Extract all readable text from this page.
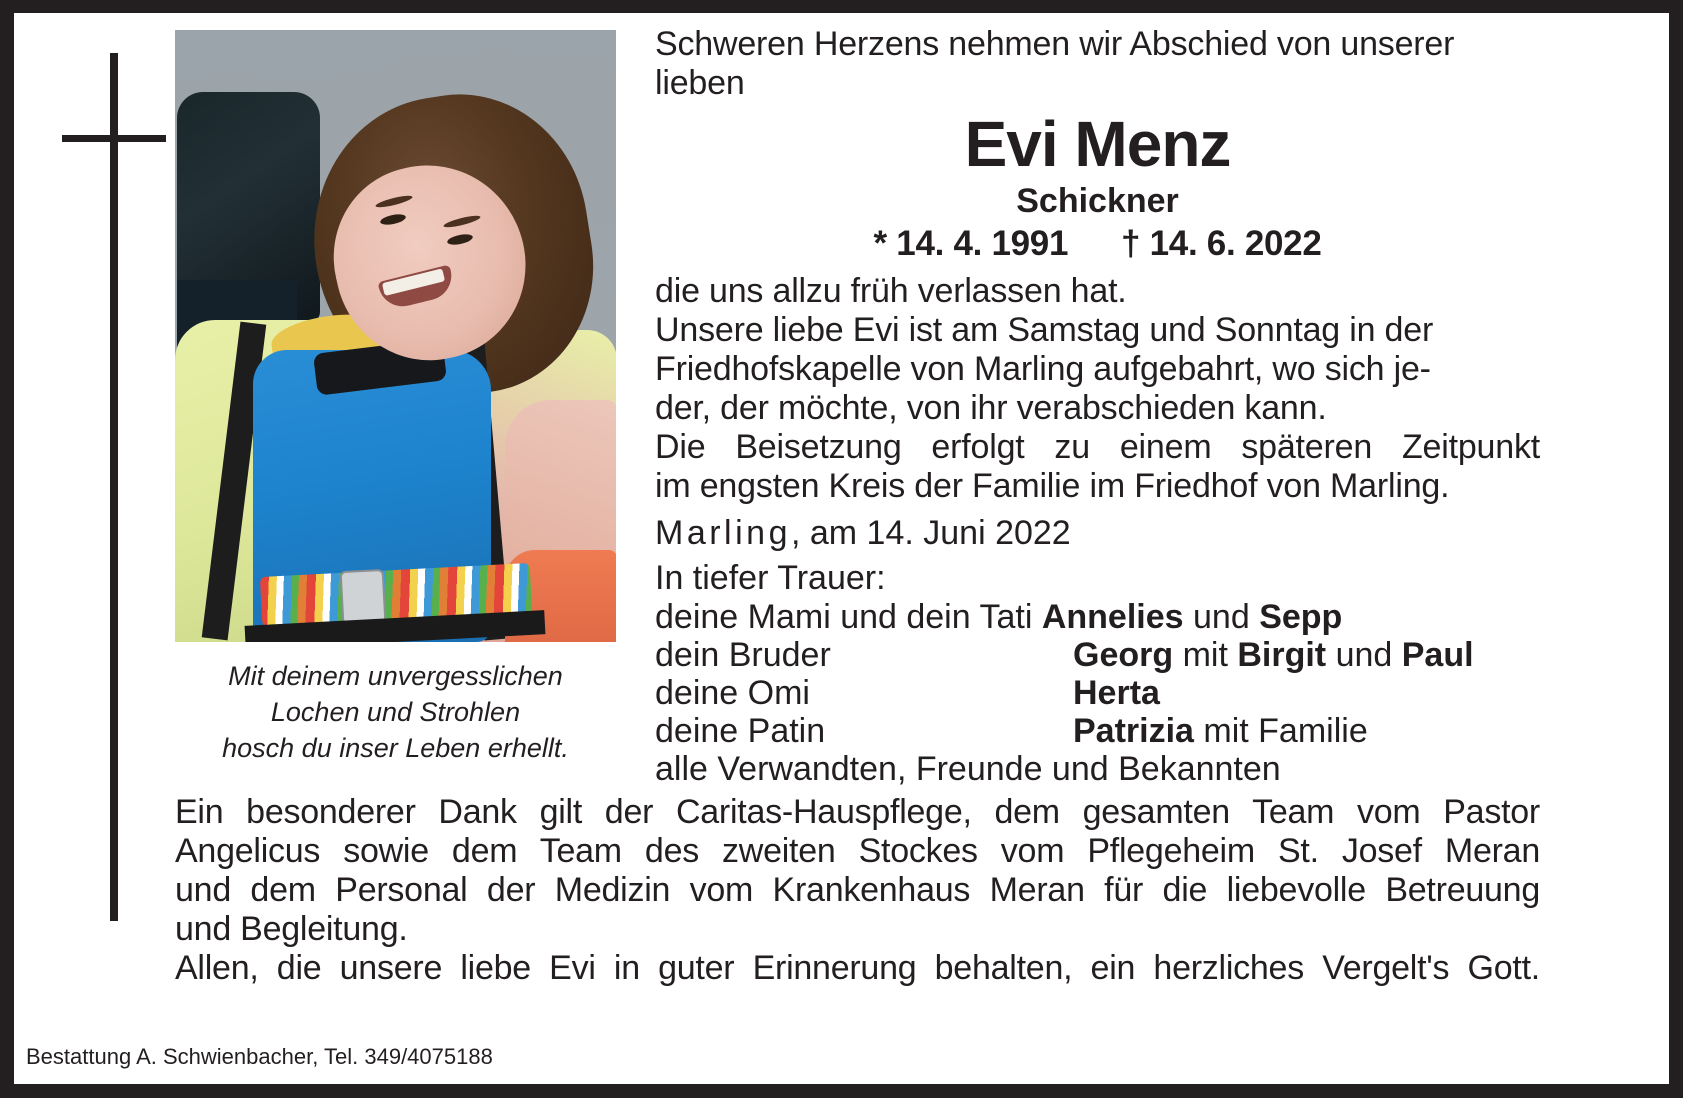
Mit deinem unvergesslichen
Lochen und Strohlen
hosch du inser Leben erhellt.
Schweren Herzens nehmen wir Abschied von unserer
lieben
Evi Menz
Schickner
* 14. 4. 1991 † 14. 6. 2022
die uns allzu früh verlassen hat.
Unsere liebe Evi ist am Samstag und Sonntag in der
Friedhofskapelle von Marling aufgebahrt, wo sich je-
der, der möchte, von ihr verabschieden kann.
Die Beisetzung erfolgt zu einem späteren Zeitpunkt
im engsten Kreis der Familie im Friedhof von Marling.
Marling, am 14. Juni 2022
In tiefer Trauer:
deine Mami und dein Tati Annelies und Sepp
dein Bruder	Georg mit Birgit und Paul
deine Omi	Herta
deine Patin	Patrizia mit Familie
alle Verwandten, Freunde und Bekannten
Ein besonderer Dank gilt der Caritas-Hauspflege, dem gesamten Team vom Pastor
Angelicus sowie dem Team des zweiten Stockes vom Pflegeheim St. Josef Meran
und dem Personal der Medizin vom Krankenhaus Meran für die liebevolle Betreuung
und Begleitung.
Allen, die unsere liebe Evi in guter Erinnerung behalten, ein herzliches Vergelt's Gott.
Bestattung A. Schwienbacher, Tel. 349/4075188
